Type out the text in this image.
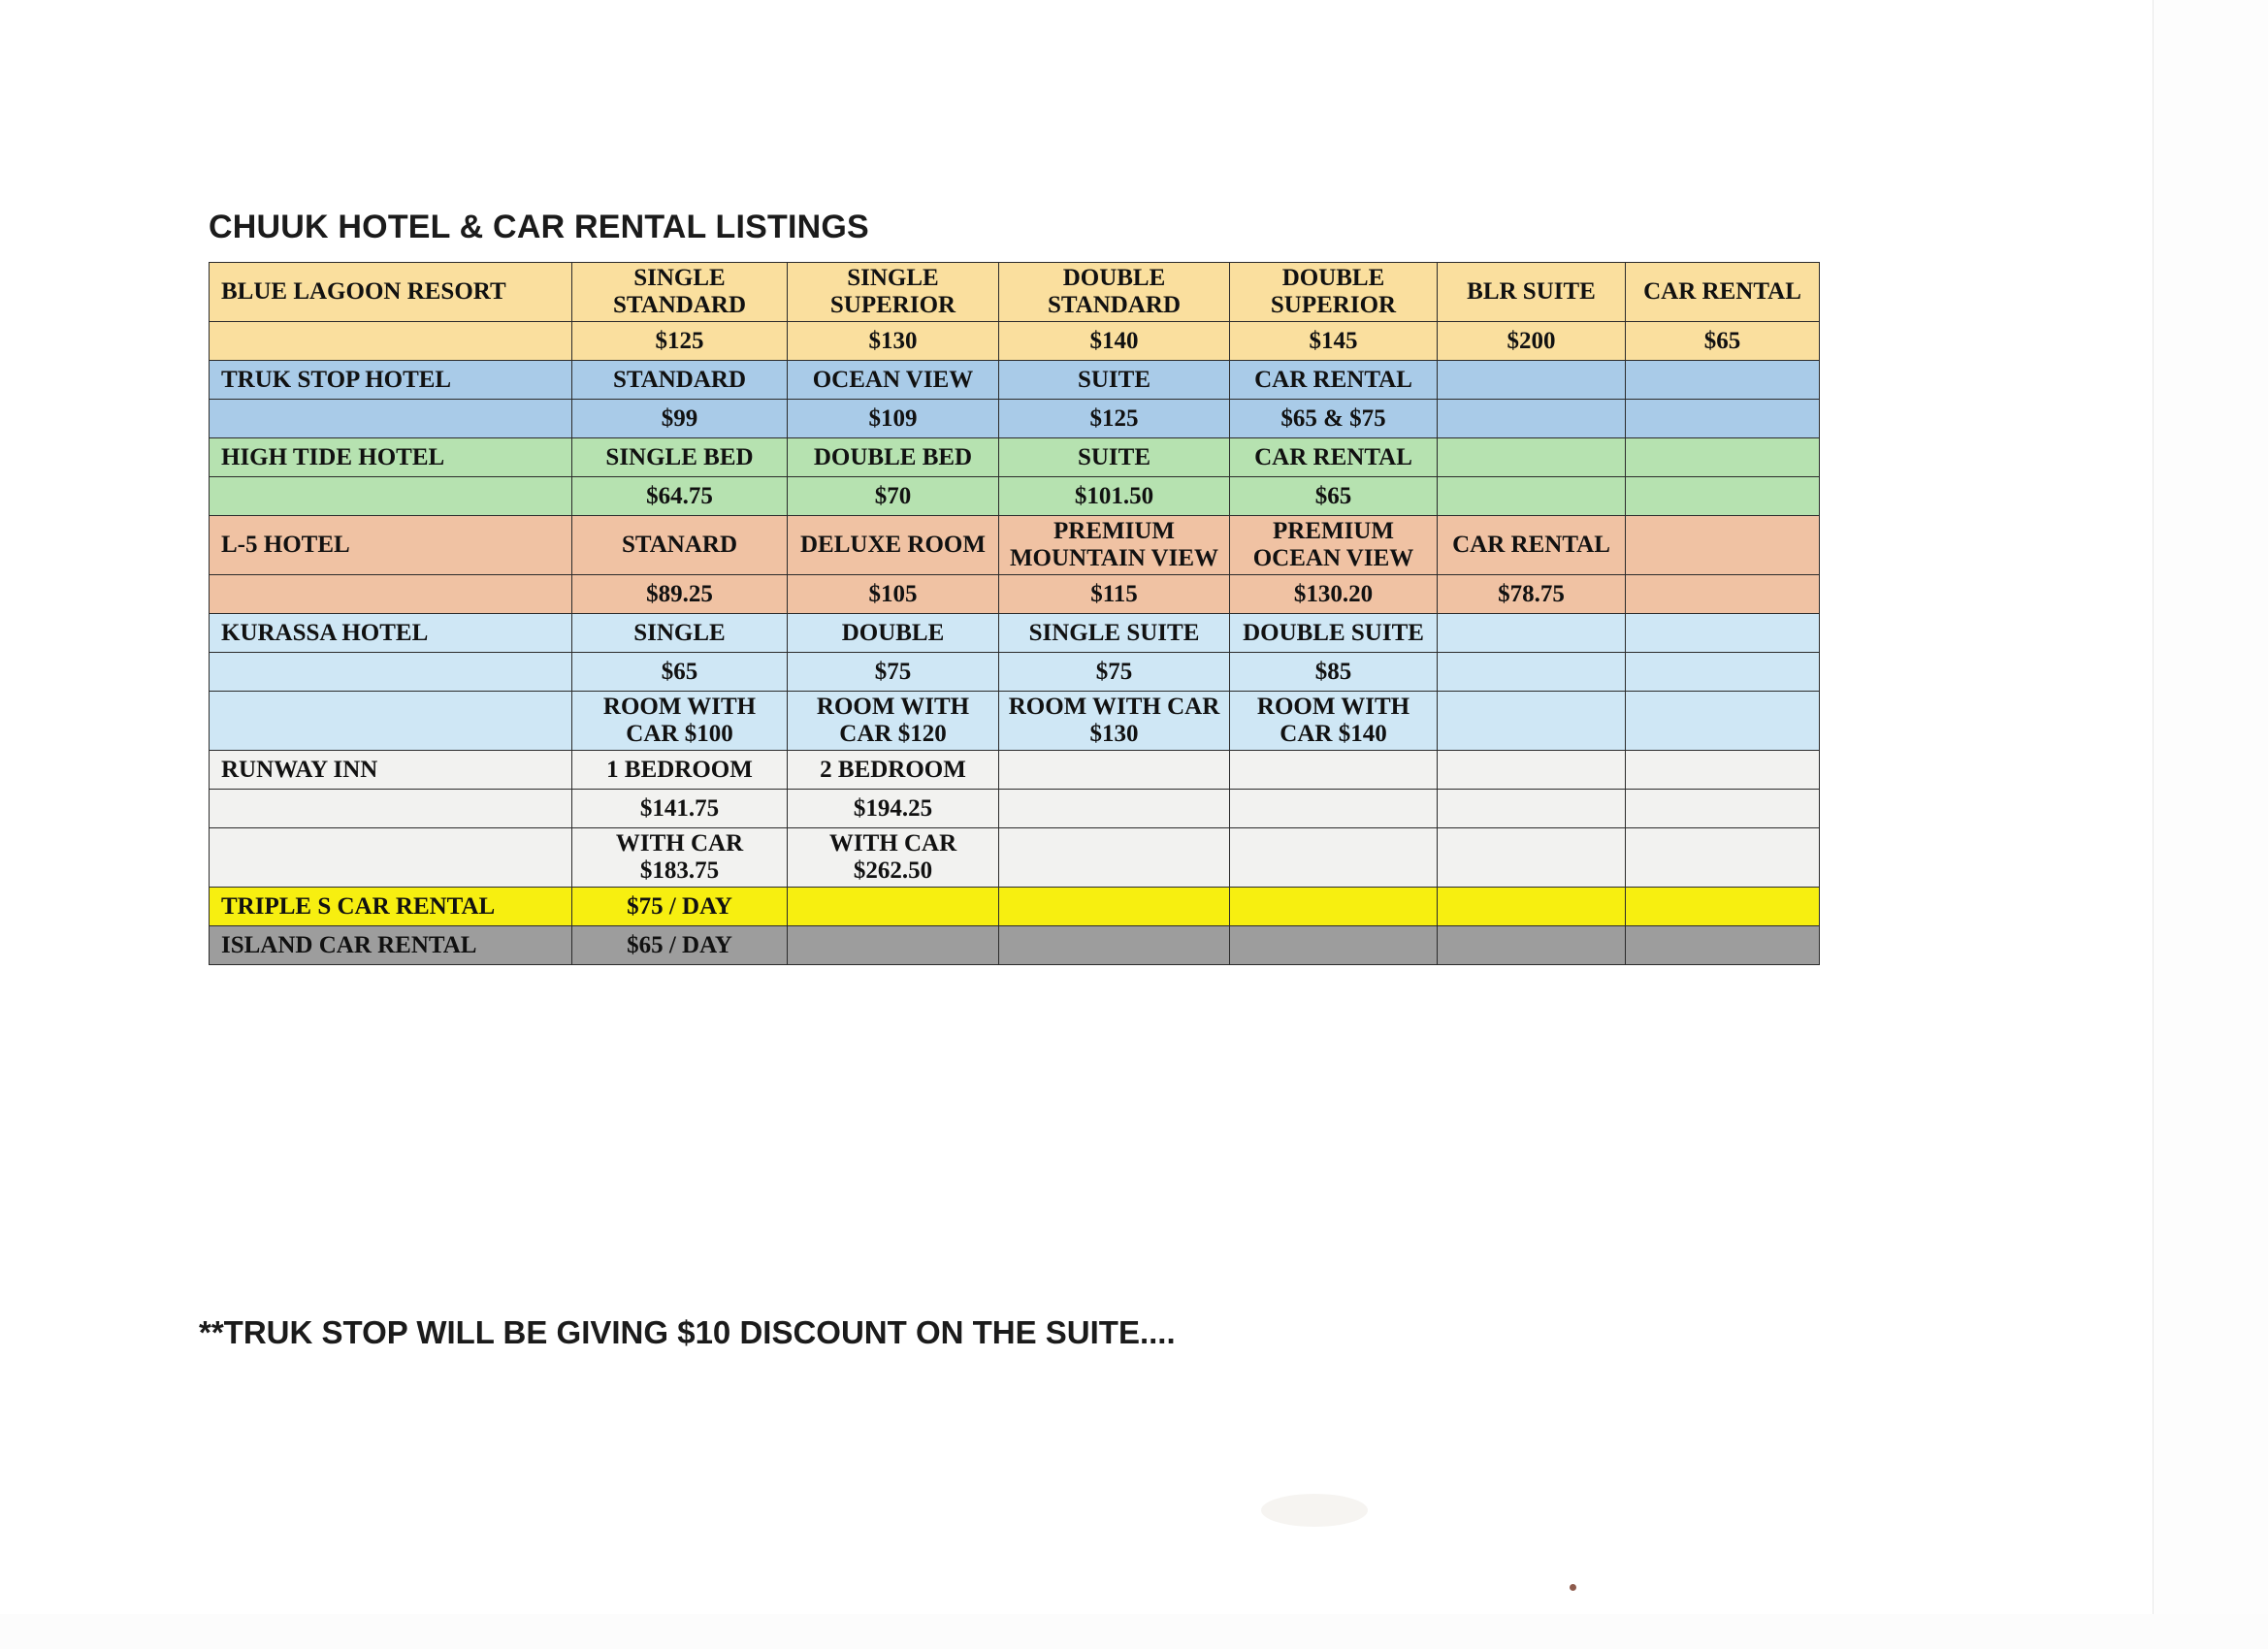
CHUUK HOTEL & CAR RENTAL LISTINGS
BLUE LAGOON RESORT	SINGLE STANDARD	SINGLE SUPERIOR	DOUBLE STANDARD	DOUBLE SUPERIOR	BLR SUITE	CAR RENTAL
	$125	$130	$140	$145	$200	$65
TRUK STOP HOTEL	STANDARD	OCEAN VIEW	SUITE	CAR RENTAL		
	$99	$109	$125	$65 & $75		
HIGH TIDE HOTEL	SINGLE BED	DOUBLE BED	SUITE	CAR RENTAL		
	$64.75	$70	$101.50	$65		
L-5 HOTEL	STANARD	DELUXE ROOM	PREMIUM MOUNTAIN VIEW	PREMIUM OCEAN VIEW	CAR RENTAL	
	$89.25	$105	$115	$130.20	$78.75	
KURASSA HOTEL	SINGLE	DOUBLE	SINGLE SUITE	DOUBLE SUITE		
	$65	$75	$75	$85		
	ROOM WITH CAR $100	ROOM WITH CAR $120	ROOM WITH CAR $130	ROOM WITH CAR $140		
RUNWAY INN	1 BEDROOM	2 BEDROOM				
	$141.75	$194.25				
	WITH CAR $183.75	WITH CAR $262.50				
TRIPLE S CAR RENTAL	$75 / DAY					
ISLAND CAR RENTAL	$65 / DAY					
**TRUK STOP WILL BE GIVING $10 DISCOUNT ON THE SUITE....
